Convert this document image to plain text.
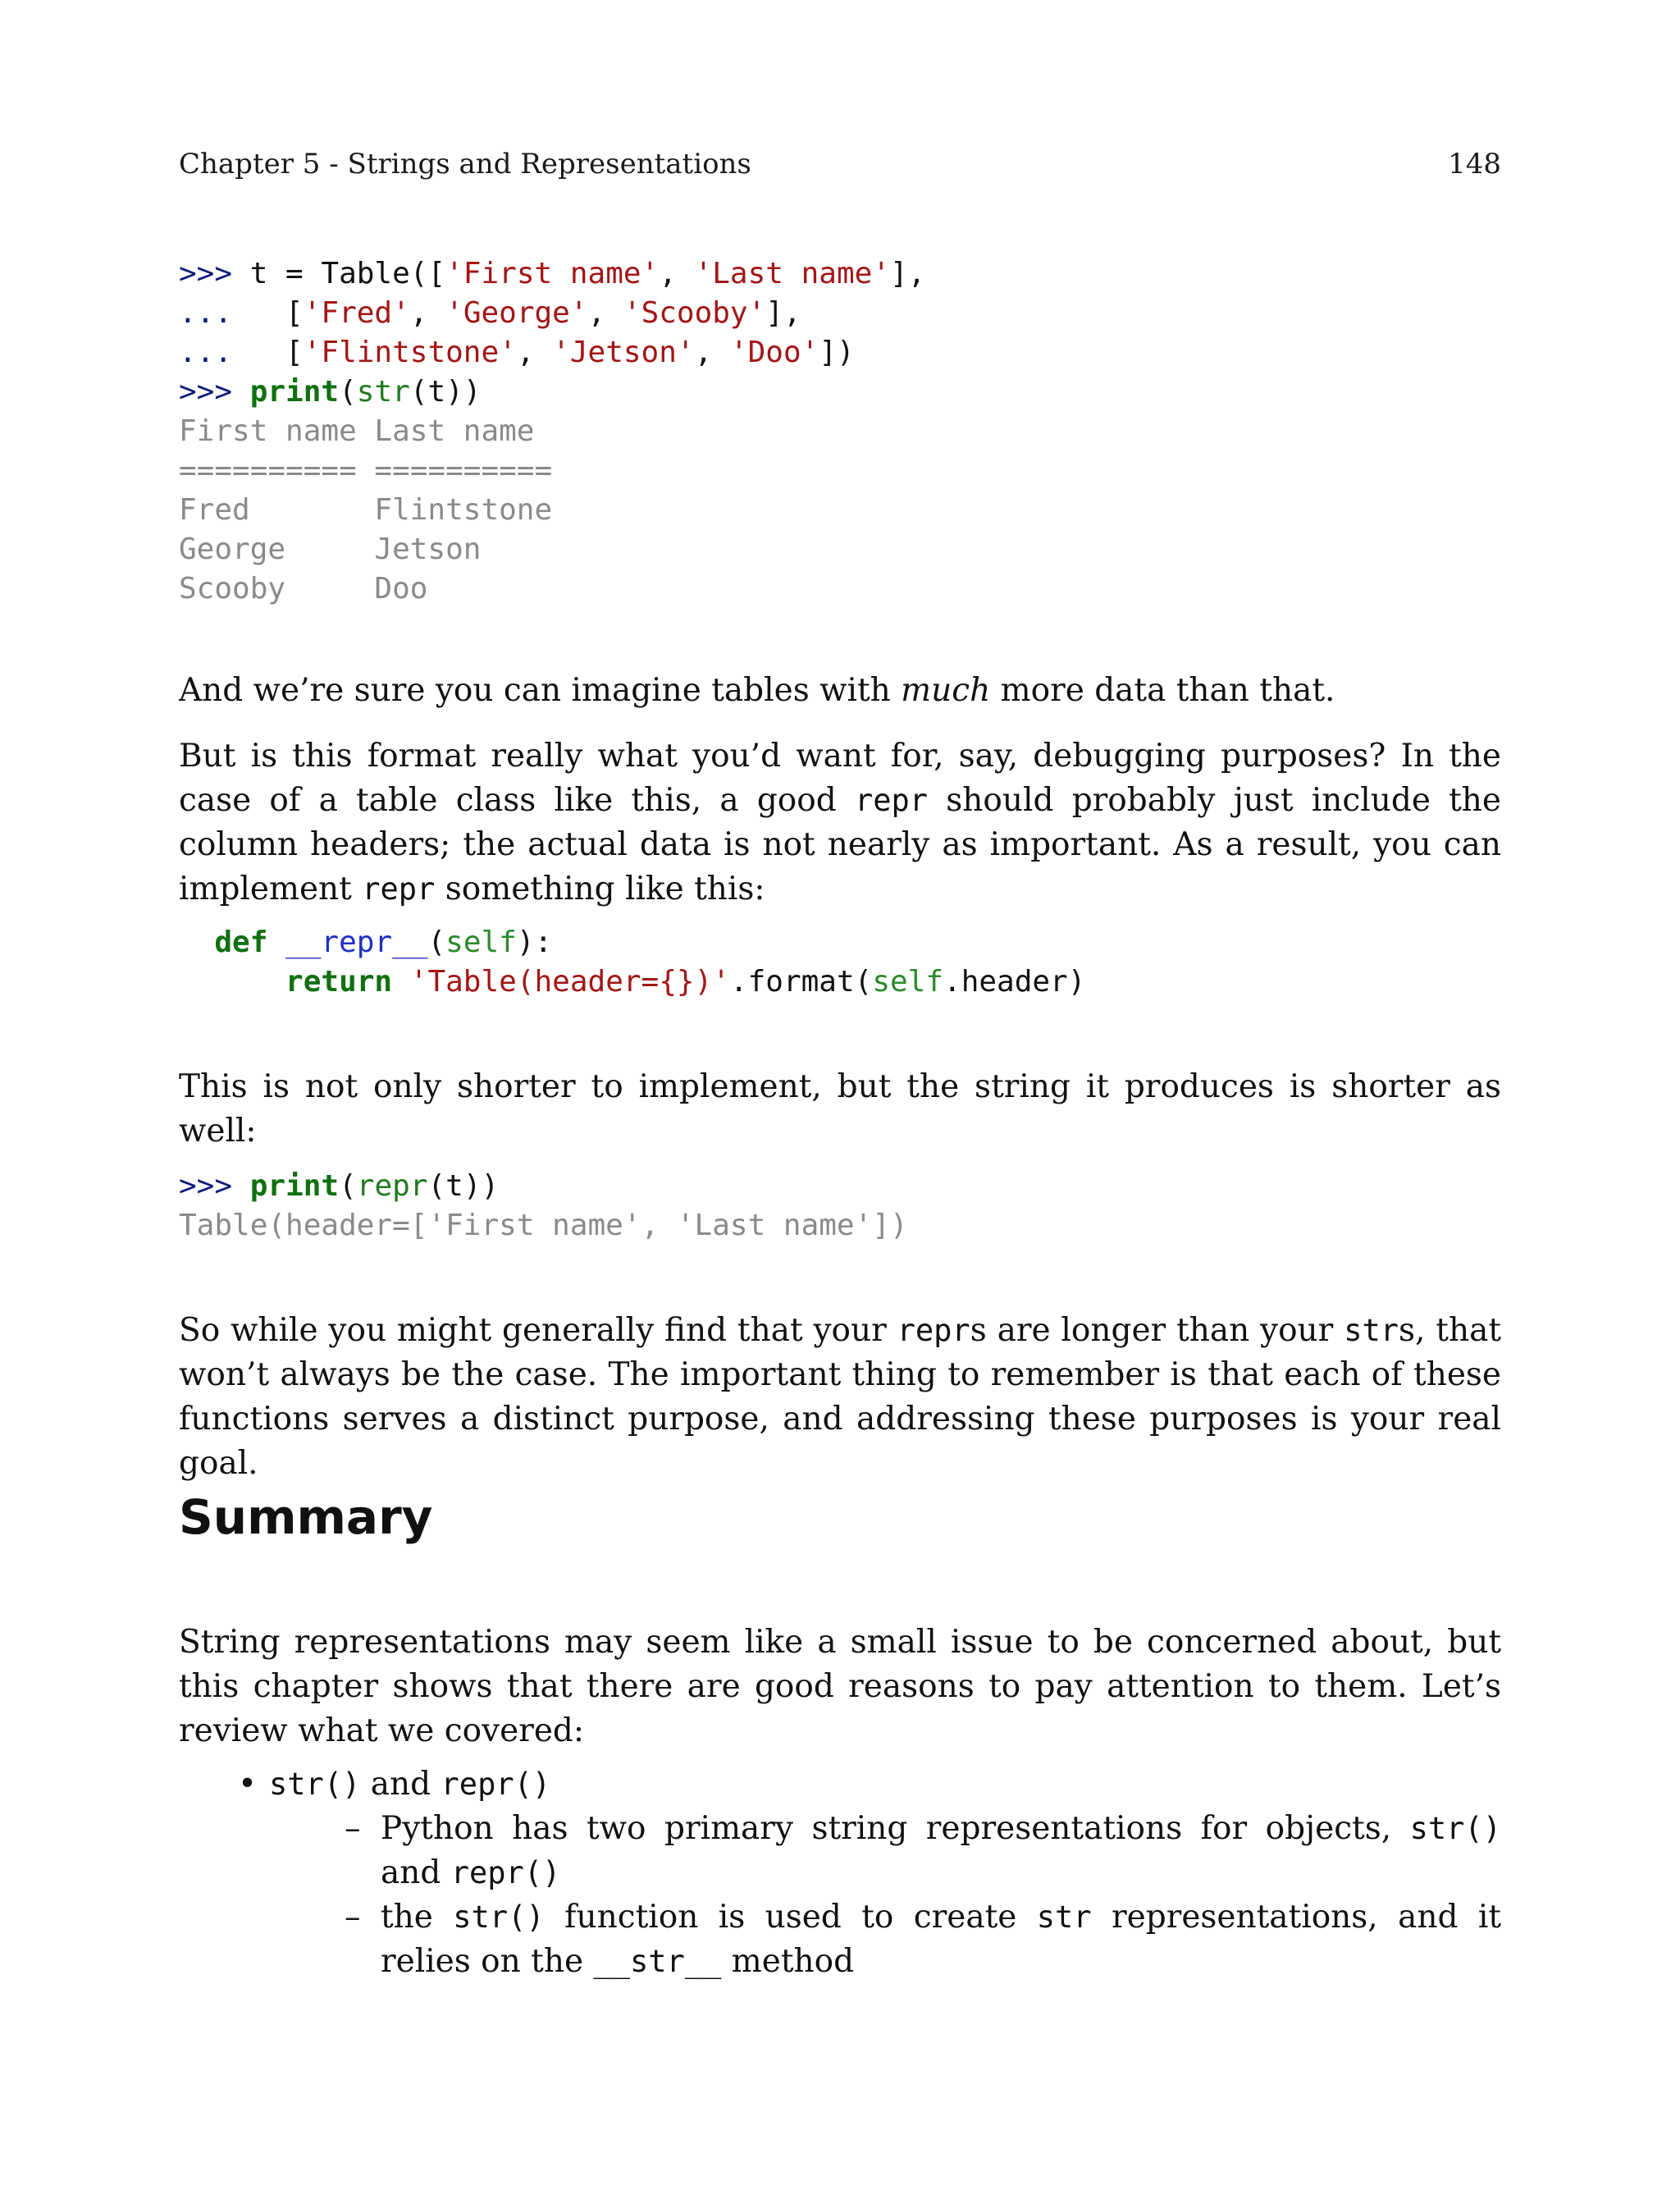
Chapter 5 - Strings and Representations	148
>>> t = Table(['First name', 'Last name'],
...   ['Fred', 'George', 'Scooby'],
...   ['Flintstone', 'Jetson', 'Doo'])
>>> print(str(t))
First name Last name
========== ==========
Fred       Flintstone
George     Jetson
Scooby     Doo

And we’re sure you can imagine tables with much more data than that.

But is this format really what you’d want for, say, debugging purposes? In the case of a table class like this, a good repr should probably just include the column headers; the actual data is not nearly as important. As a result, you can implement repr something like this:

def __repr__(self):
return 'Table(header={})'.format(self.header)

This is not only shorter to implement, but the string it produces is shorter as well:

>>> print(repr(t))
Table(header=['First name', 'Last name'])

So while you might generally find that your reprs are longer than your strs, that won’t always be the case. The important thing to remember is that each of these functions serves a distinct purpose, and addressing these purposes is your real goal.

Summary

String representations may seem like a small issue to be concerned about, but this chapter shows that there are good reasons to pay attention to them. Let’s review what we covered:

• str() and repr()
– Python has two primary string representations for objects, str() and repr()
– the str() function is used to create str representations, and it relies on the __str__ method
